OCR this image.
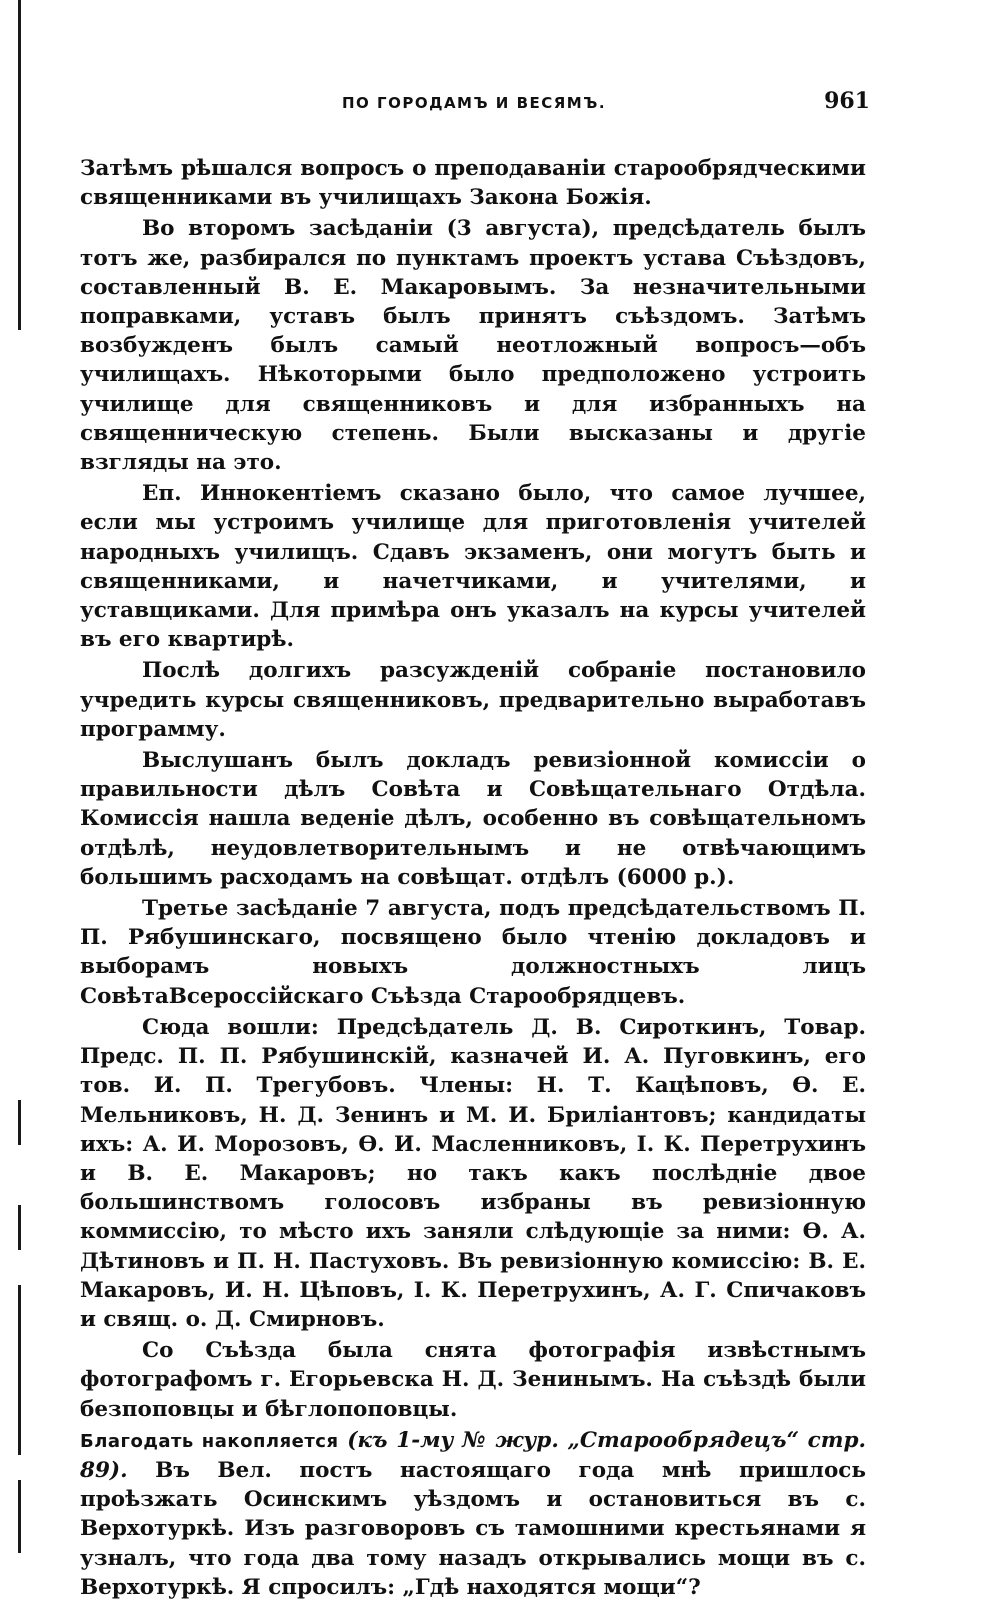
ПО ГОРОДАМЪ И ВЕСЯМЪ.	961

Затѣмъ рѣшался вопросъ о преподаваніи старообрядческими священниками въ училищахъ Закона Божія.

Во второмъ засѣданіи (3 августа), предсѣдатель былъ тотъ же, разбирался по пунктамъ проектъ устава Съѣздовъ, составленный В. Е. Макаровымъ. За незначительными поправками, уставъ былъ принятъ съѣздомъ. Затѣмъ возбужденъ былъ самый неотложный вопросъ—объ училищахъ. Нѣкоторыми было предположено устроить училище для священниковъ и для избранныхъ на священническую степень. Были высказаны и другіе взгляды на это.

Еп. Иннокентіемъ сказано было, что самое лучшее, если мы устроимъ училище для приготовленія учителей народныхъ училищъ. Сдавъ экзаменъ, они могутъ быть и священниками, и начетчиками, и учителями, и уставщиками. Для примѣра онъ указалъ на курсы учителей въ его квартирѣ.

Послѣ долгихъ разсужденій собраніе постановило учредить курсы священниковъ, предварительно выработавъ программу.

Выслушанъ былъ докладъ ревизіонной комиссіи о правильности дѣлъ Совѣта и Совѣщательнаго Отдѣла. Комиссія нашла веденіе дѣлъ, особенно въ совѣщательномъ отдѣлѣ, неудовлетворительнымъ и не отвѣчающимъ большимъ расходамъ на совѣщат. отдѣлъ (6000 р.).

Третье засѣданіе 7 августа, подъ предсѣдательствомъ П. П. Рябушинскаго, посвящено было чтенію докладовъ и выборамъ новыхъ должностныхъ лицъ СовѣтаВсероссійскаго Съѣзда Старообрядцевъ.

Сюда вошли: Предсѣдатель Д. В. Сироткинъ, Товар. Предс. П. П. Рябушинскій, казначей И. А. Пуговкинъ, его тов. И. П. Трегубовъ. Члены: Н. Т. Кацѣповъ, Ѳ. Е. Мельниковъ, Н. Д. Зенинъ и М. И. Бриліантовъ; кандидаты ихъ: А. И. Морозовъ, Ѳ. И. Масленниковъ, І. К. Перетрухинъ и В. Е. Макаровъ; но такъ какъ послѣдніе двое большинствомъ голосовъ избраны въ ревизіонную коммиссію, то мѣсто ихъ заняли слѣдующіе за ними: Ѳ. А. Дѣтиновъ и П. Н. Пастуховъ. Въ ревизіонную комиссію: В. Е. Макаровъ, И. Н. Цѣповъ, І. К. Перетрухинъ, А. Г. Спичаковъ и свящ. о. Д. Смирновъ.

Со Съѣзда была снята фотографія извѣстнымъ фотографомъ г. Егорьевска Н. Д. Зенинымъ. На съѣздѣ были безпоповцы и бѣглопоповцы.

Благодать накопляется (къ 1-му № жур. „Старообрядецъ“ стр. 89). Въ Вел. постъ настоящаго года мнѣ пришлось проѣзжать Осинскимъ уѣздомъ и остановиться въ с. Верхотуркѣ. Изъ разговоровъ съ тамошними крестьянами я узналъ, что года два тому назадъ открывались мощи въ с. Верхотуркѣ. Я спросилъ: „Гдѣ находятся мощи“?
